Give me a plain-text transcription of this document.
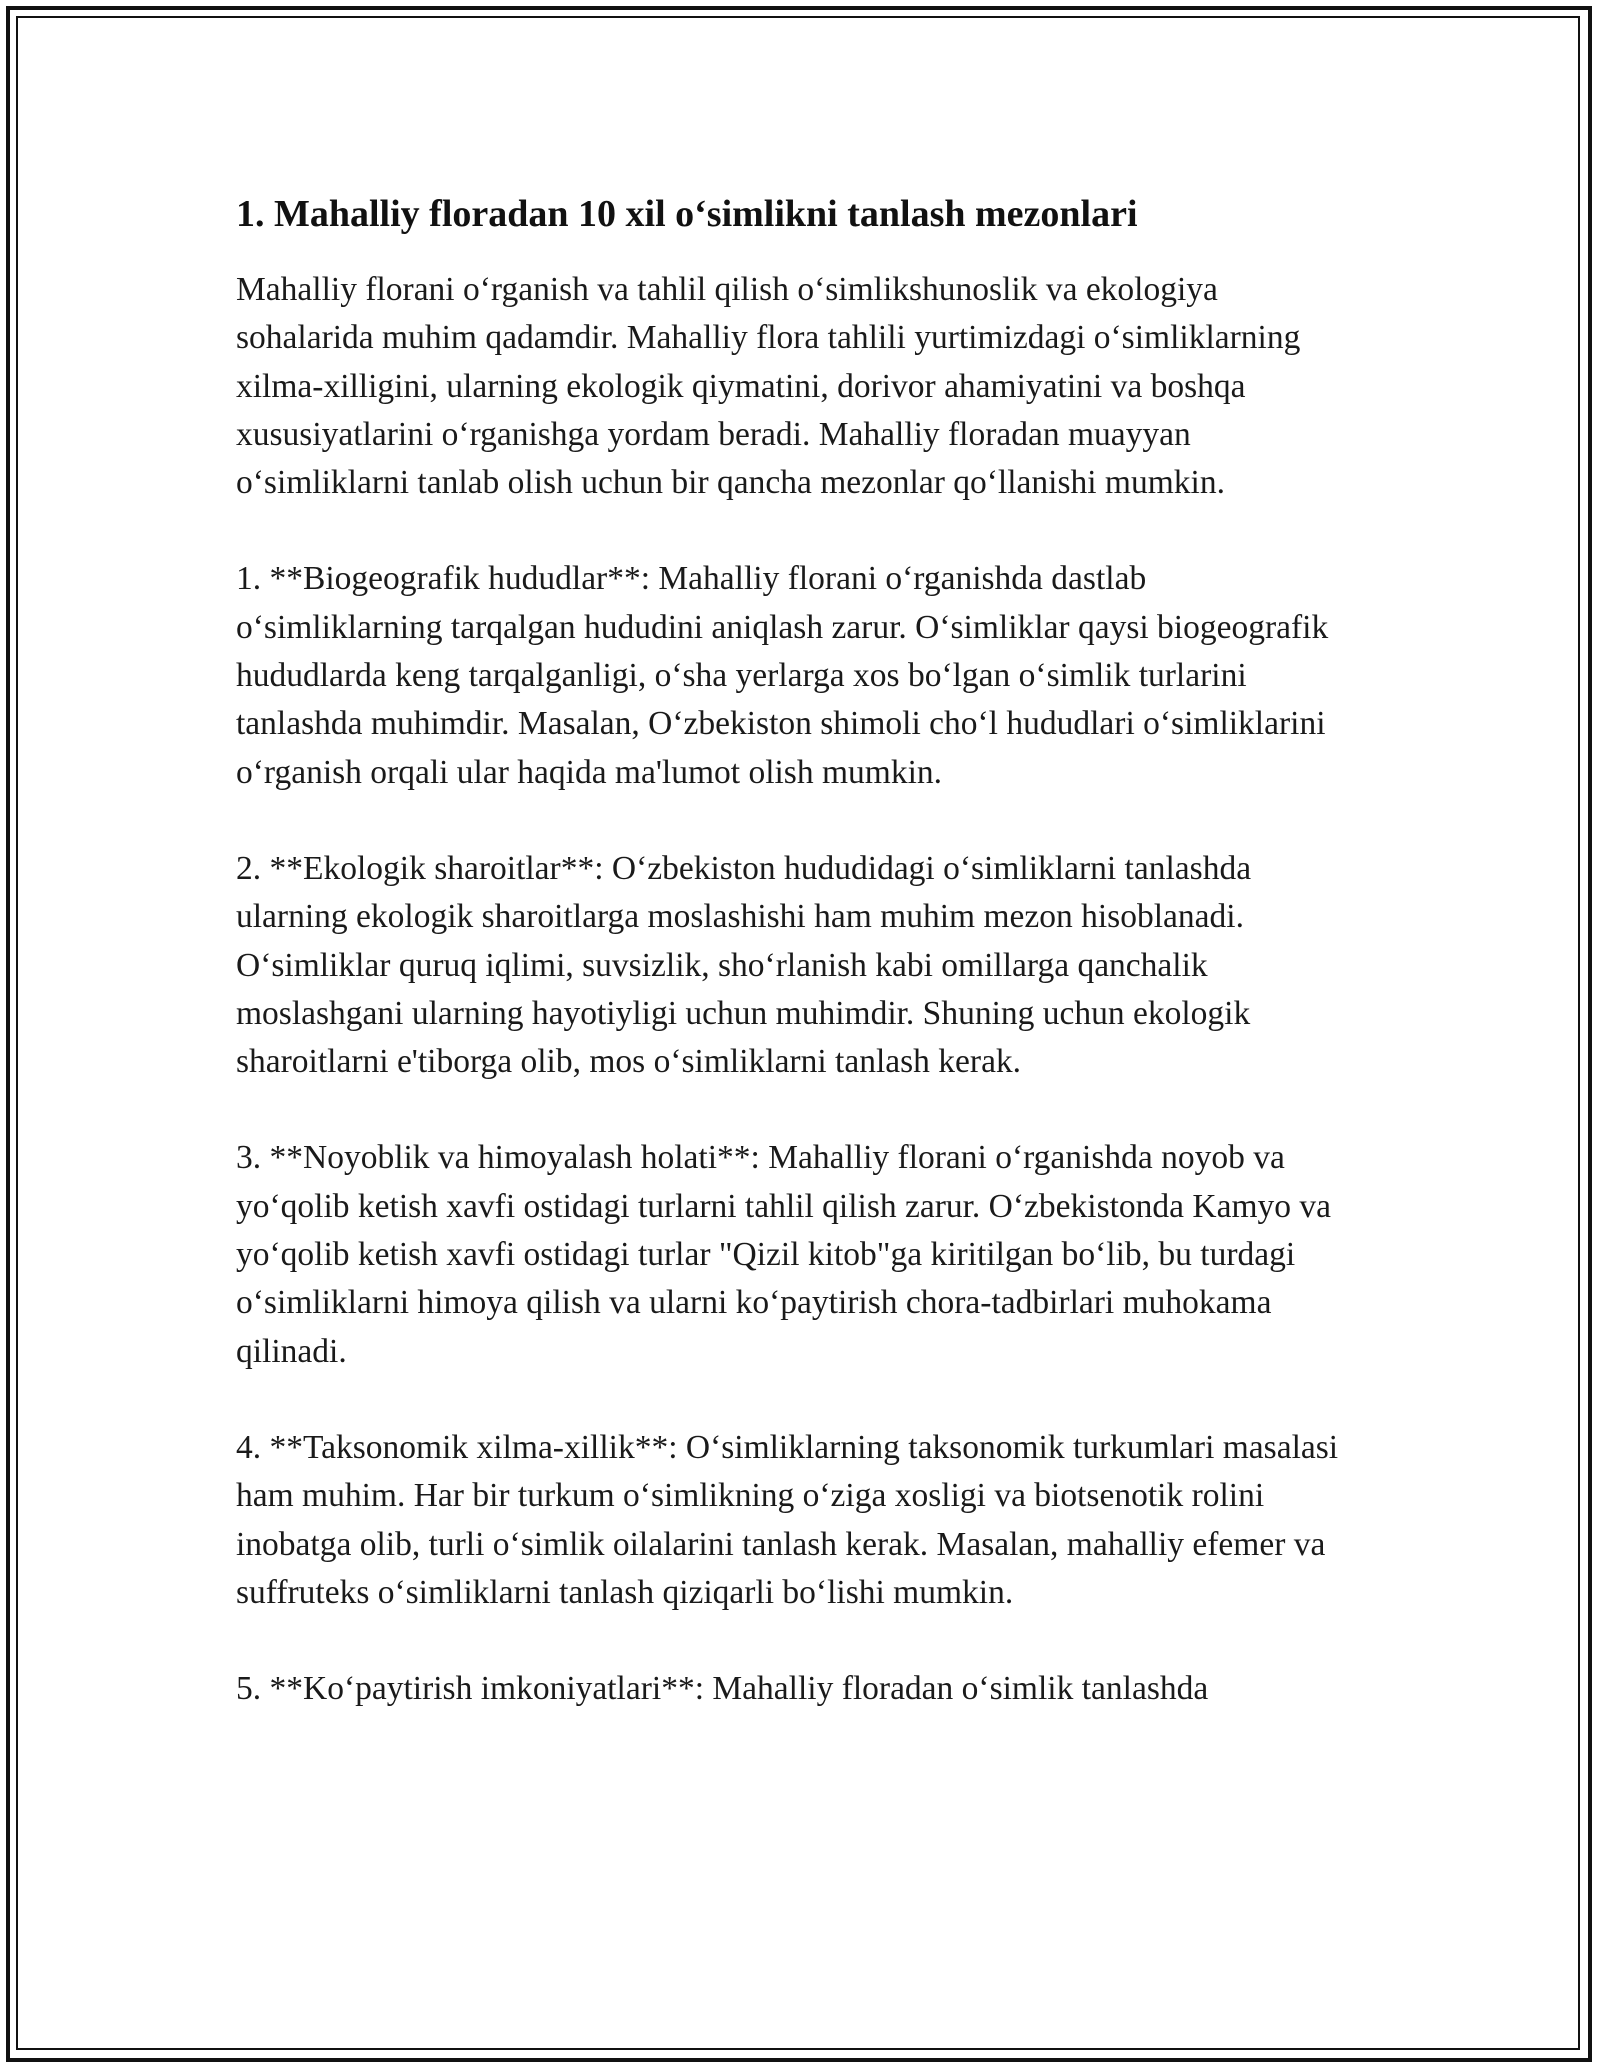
1. Mahalliy floradan 10 xil o‘simlikni tanlash mezonlari

Mahalliy florani o‘rganish va tahlil qilish o‘simlikshunoslik va ekologiya sohalarida muhim qadamdir. Mahalliy flora tahlili yurtimizdagi o‘simliklarning xilma-xilligini, ularning ekologik qiymatini, dorivor ahamiyatini va boshqa xususiyatlarini o‘rganishga yordam beradi. Mahalliy floradan muayyan o‘simliklarni tanlab olish uchun bir qancha mezonlar qo‘llanishi mumkin.

1. **Biogeografik hududlar**: Mahalliy florani o‘rganishda dastlab o‘simliklarning tarqalgan hududini aniqlash zarur. O‘simliklar qaysi biogeografik hududlarda keng tarqalganligi, o‘sha yerlarga xos bo‘lgan o‘simlik turlarini tanlashda muhimdir. Masalan, O‘zbekiston shimoli cho‘l hududlari o‘simliklarini o‘rganish orqali ular haqida ma'lumot olish mumkin.

2. **Ekologik sharoitlar**: O‘zbekiston hududidagi o‘simliklarni tanlashda ularning ekologik sharoitlarga moslashishi ham muhim mezon hisoblanadi. O‘simliklar quruq iqlimi, suvsizlik, sho‘rlanish kabi omillarga qanchalik moslashgani ularning hayotiyligi uchun muhimdir. Shuning uchun ekologik sharoitlarni e'tiborga olib, mos o‘simliklarni tanlash kerak.

3. **Noyoblik va himoyalash holati**: Mahalliy florani o‘rganishda noyob va yo‘qolib ketish xavfi ostidagi turlarni tahlil qilish zarur. O‘zbekistonda Kamyo va yo‘qolib ketish xavfi ostidagi turlar "Qizil kitob"ga kiritilgan bo‘lib, bu turdagi o‘simliklarni himoya qilish va ularni ko‘paytirish chora-tadbirlari muhokama qilinadi.

4. **Taksonomik xilma-xillik**: O‘simliklarning taksonomik turkumlari masalasi ham muhim. Har bir turkum o‘simlikning o‘ziga xosligi va biotsenotik rolini inobatga olib, turli o‘simlik oilalarini tanlash kerak. Masalan, mahalliy efemer va suffruteks o‘simliklarni tanlash qiziqarli bo‘lishi mumkin.

5. **Ko‘paytirish imkoniyatlari**: Mahalliy floradan o‘simlik tanlashda
